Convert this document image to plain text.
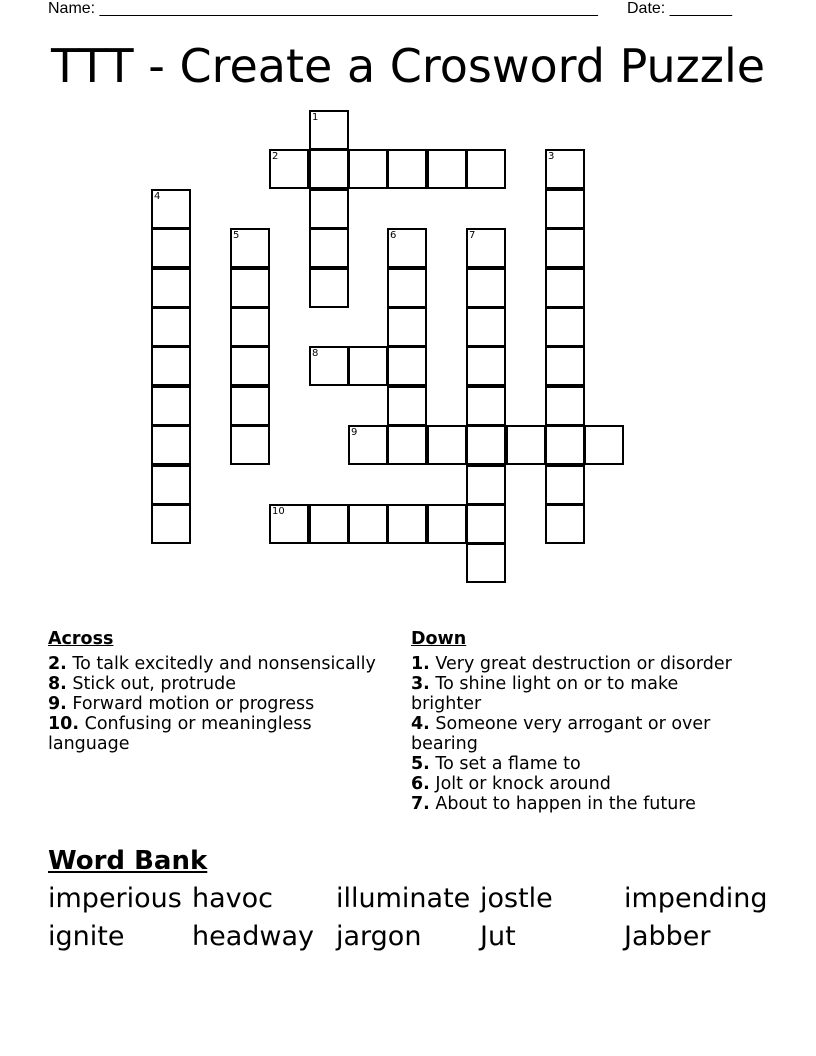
Name: ________________________________________________________ Date: _______
TTT - Create a Crosword Puzzle
1
2	3
4
5	6	7
8
9
10
Across
2. To talk excitedly and nonsensically
8. Stick out, protrude
9. Forward motion or progress
10. Confusing or meaningless language
Down
1. Very great destruction or disorder
3. To shine light on or to make brighter
4. Someone very arrogant or over bearing
5. To set a flame to
6. Jolt or knock around
7. About to happen in the future
Word Bank
imperious havoc illuminate jostle	impending
ignite	headway jargon Jut	Jabber
